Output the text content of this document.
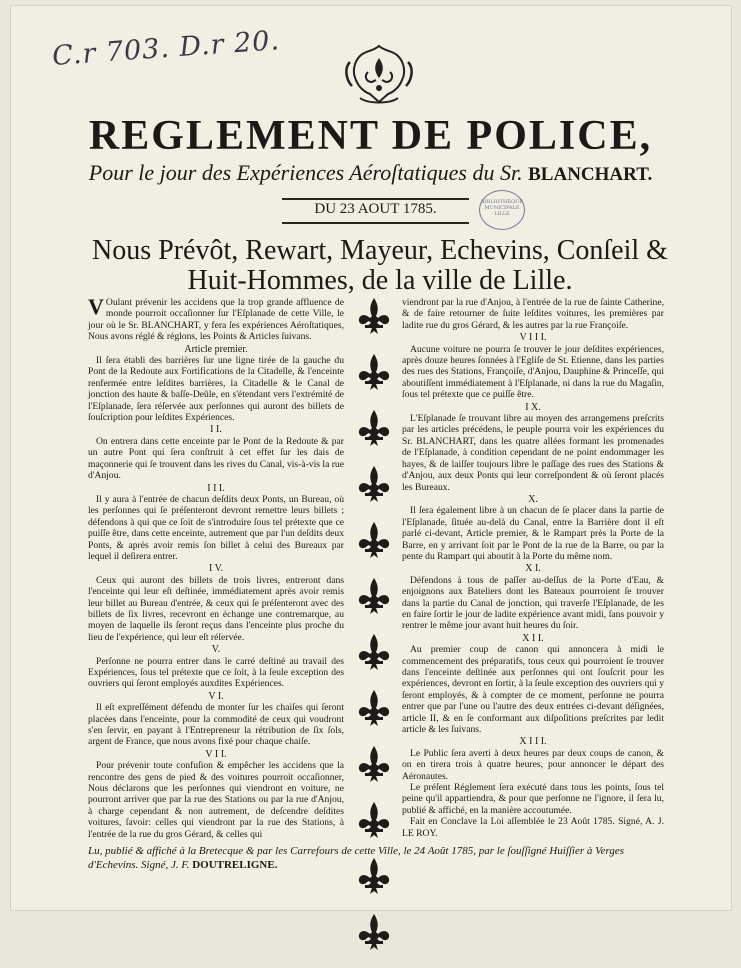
C.r 703. D.r 20.
REGLEMENT DE POLICE,
Pour le jour des Expériences Aéroſtatiques du Sr. BLANCHART.
DU 23 AOUT 1785.	BIBLIOTHÈQUE MUNICIPALE LILLE
Nous Prévôt, Rewart, Mayeur, Echevins, Conſeil & Huit-Hommes, de la ville de Lille.

V Oulant prévenir les accidens que la trop grande affluence de monde pourroit occaſionner ſur l'Eſplanade de cette Ville, le jour où le Sr. BLANCHART, y fera ſes expériences Aéroſtatiques, Nous avons réglé & réglons, les Points & Articles ſuivans.

Article premier.

Il ſera établi des barrières ſur une ligne tirée de la gauche du Pont de la Redoute aux Fortifications de la Citadelle, & l'enceinte renfermée entre leſdites barrières, la Citadelle & le Canal de jonction des haute & baſſe-Deûle, en s'étendant vers l'extrémité de l'Eſplanade, ſera réſervée aux perſonnes qui auront des billets de ſouſcription pour leſdites Expériences.

I I.

On entrera dans cette enceinte par le Pont de la Redoute & par un autre Pont qui ſera conſtruit à cet effet ſur les dais de maçonnerie qui ſe trouvent dans les rives du Canal, vis-à-vis la rue d'Anjou.

I I I.

Il y aura à l'entrée de chacun deſdits deux Ponts, un Bureau, où les perſonnes qui ſe préſenteront devront remettre leurs billets ; défendons à qui que ce ſoit de s'introduire ſous tel prétexte que ce puiſſe être, dans cette enceinte, autrement que par l'un deſdits deux Ponts, & après avoir remis ſon billet à celui des Bureaux par lequel il deſirera entrer.

I V.

Ceux qui auront des billets de trois livres, entreront dans l'enceinte qui leur eſt deſtinée, immédiatement après avoir remis leur billet au Bureau d'entrée, & ceux qui ſe préſenteront avec des billets de ſix livres, recevront en échange une contremarque, au moyen de laquelle ils ſeront reçus dans l'enceinte plus proche du lieu de l'expérience, qui leur eſt réſervée.

V.

Perſonne ne pourra entrer dans le carré deſtiné au travail des Expériences, ſous tel prétexte que ce ſoit, à la ſeule exception des ouvriers qui ſeront employés auxdites Expériences.

V I.

Il eſt expreſſément défendu de monter ſur les chaiſes qui ſeront placées dans l'enceinte, pour la commodité de ceux qui voudront s'en ſervir, en payant à l'Entrepreneur la rétribution de ſix ſols, argent de France, que nous avons fixé pour chaque chaiſe.

V I I.

Pour prévenir toute confuſion & empêcher les accidens que la rencontre des gens de pied & des voitures pourroit occaſionner, Nous déclarons que les perſonnes qui viendront en voiture, ne pourront arriver que par la rue des Stations ou par la rue d'Anjou, à charge cependant & non autrement, de deſcendre deſdites voitures, ſavoir: celles qui viendront par la rue des Stations, à l'entrée de la rue du gros Gérard, & celles qui

viendront par la rue d'Anjou, à l'entrée de la rue de ſainte Catherine, & de faire retourner de ſuite leſdites voitures, les premières par ladite rue du gros Gérard, & les autres par la rue Françoiſe.

V I I I.

Aucune voiture ne pourra ſe trouver le jour deſdites expériences, après douze heures ſonnées à l'Egliſe de St. Etienne, dans les parties des rues des Stations, Françoiſe, d'Anjou, Dauphine & Princeſſe, qui aboutiſſent immédiatement à l'Eſplanade, ni dans la rue du Magaſin, ſous tel prétexte que ce puiſſe être.

I X.

L'Eſplanade ſe trouvant libre au moyen des arrangemens preſcrits par les articles précédens, le peuple pourra voir les expériences du Sr. BLANCHART, dans les quatre allées formant les promenades de l'Eſplanade, à condition cependant de ne point endommager les hayes, & de laiſſer toujours libre le paſſage des rues des Stations & d'Anjou, aux deux Ponts qui leur correſpondent & où ſeront placés les Bureaux.

X.

Il ſera également libre à un chacun de ſe placer dans la partie de l'Eſplanade, ſituée au-delà du Canal, entre la Barrière dont il eſt parlé ci-devant, Article premier, & le Rampart près la Porte de la Barre, en y arrivant ſoit par le Pont de la rue de la Barre, ou par la pente du Rampart qui aboutit à la Porte du même nom.

X I.

Défendons à tous de paſſer au-deſſus de la Porte d'Eau, & enjoignons aux Bateliers dont les Bateaux pourroient ſe trouver dans la partie du Canal de jonction, qui traverſe l'Eſplanade, de les en faire ſortir le jour de ladite expérience avant midi, ſans pouvoir y rentrer le même jour avant huit heures du ſoir.

X I I.

Au premier coup de canon qui annoncera à midi le commencement des préparatifs, tous ceux qui pourroient ſe trouver dans l'enceinte deſtinée aux perſonnes qui ont ſouſcrit pour les expériences, devront en ſortir, à la ſeule exception des ouvriers qui y ſeront employés, & à compter de ce moment, perſonne ne pourra entrer que par l'une ou l'autre des deux entrées ci-devant déſignées, article II, & en ſe conformant aux diſpoſitions preſcrites par ledit article & les ſuivans.

X I I I.

Le Public ſera averti à deux heures par deux coups de canon, & on en tirera trois à quatre heures, pour annoncer le départ des Aéronautes.

Le préſent Réglement ſera exécuté dans tous les points, ſous tel peine qu'il appartiendra, & pour que perſonne ne l'ignore, il ſera lu, publié & affiché, en la manière accoutumée.

Fait en Conclave la Loi aſſemblée le 23 Août 1785. Signé, A. J. LE ROY.

Lu, publié & affiché à la Bretecque & par les Carrefours de cette Ville, le 24 Août 1785, par le ſouſſigné Huiſſier à Verges d'Echevins. Signé, J. F. DOUTRELIGNE.
